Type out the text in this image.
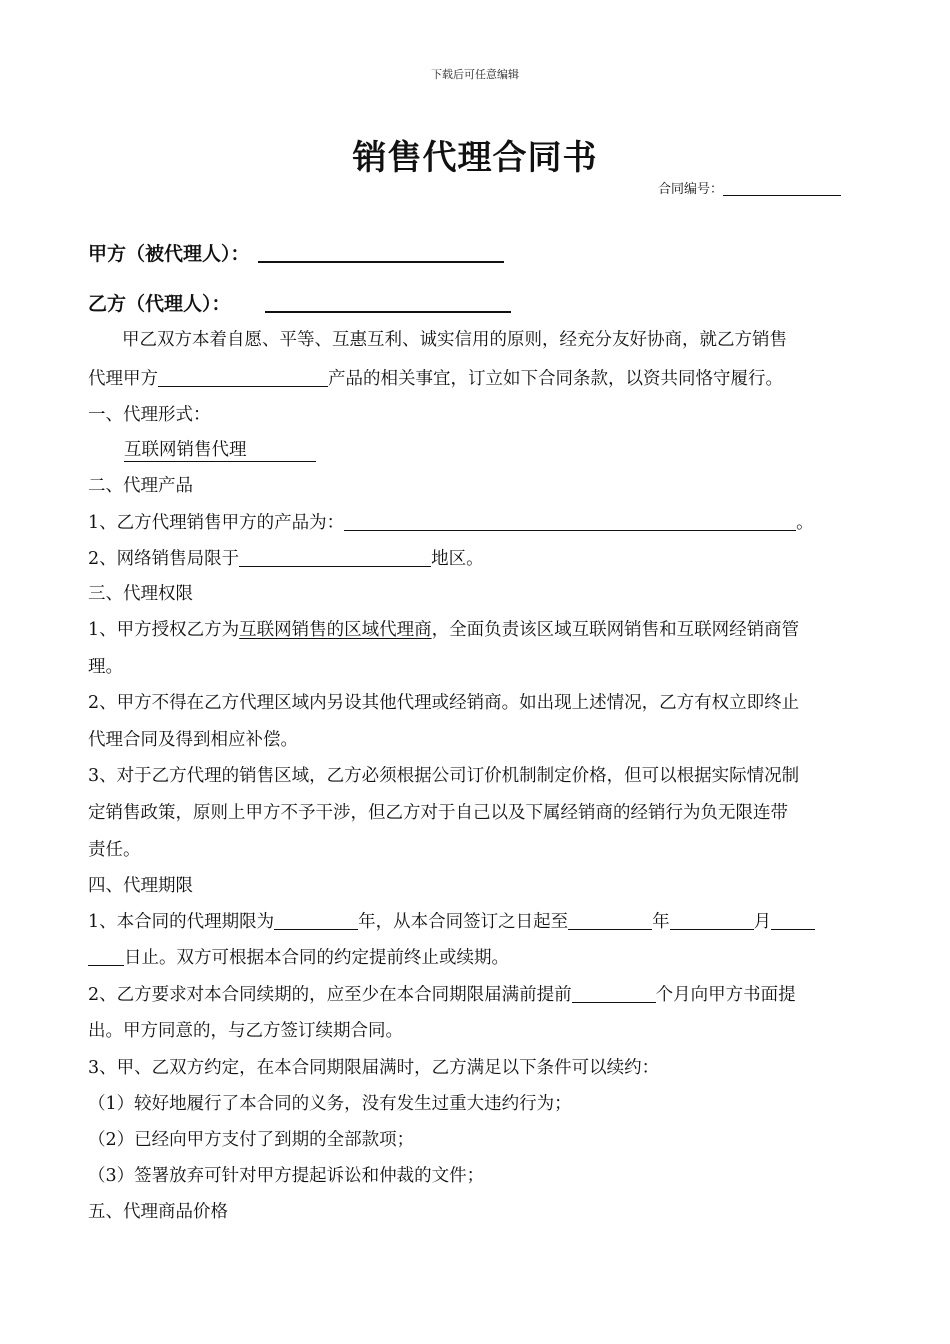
下载后可任意编辑
销售代理合同书
合同编号：
甲方（被代理人）：
乙方（代理人）：
甲乙双方本着自愿、平等、互惠互利、诚实信用的原则，经充分友好协商，就乙方销售
代理甲方	产品的相关事宜，订立如下合同条款，以资共同恪守履行。
一、代理形式：
互联网销售代理
二、代理产品
1、乙方代理销售甲方的产品为：	。
2、网络销售局限于	地区。
三、代理权限
1、甲方授权乙方为互联网销售的区域代理商，全面负责该区域互联网销售和互联网经销商管
理。
2、甲方不得在乙方代理区域内另设其他代理或经销商。如出现上述情况，乙方有权立即终止
代理合同及得到相应补偿。
3、对于乙方代理的销售区域，乙方必须根据公司订价机制制定价格，但可以根据实际情况制
定销售政策，原则上甲方不予干涉，但乙方对于自己以及下属经销商的经销行为负无限连带
责任。
四、代理期限
1、本合同的代理期限为	年，从本合同签订之日起至	年	月
日止。双方可根据本合同的约定提前终止或续期。
2、乙方要求对本合同续期的，应至少在本合同期限届满前提前	个月向甲方书面提
出。甲方同意的，与乙方签订续期合同。
3、甲、乙双方约定，在本合同期限届满时，乙方满足以下条件可以续约：
（1）较好地履行了本合同的义务，没有发生过重大违约行为；
（2）已经向甲方支付了到期的全部款项；
（3）签署放弃可针对甲方提起诉讼和仲裁的文件；
五、代理商品价格
